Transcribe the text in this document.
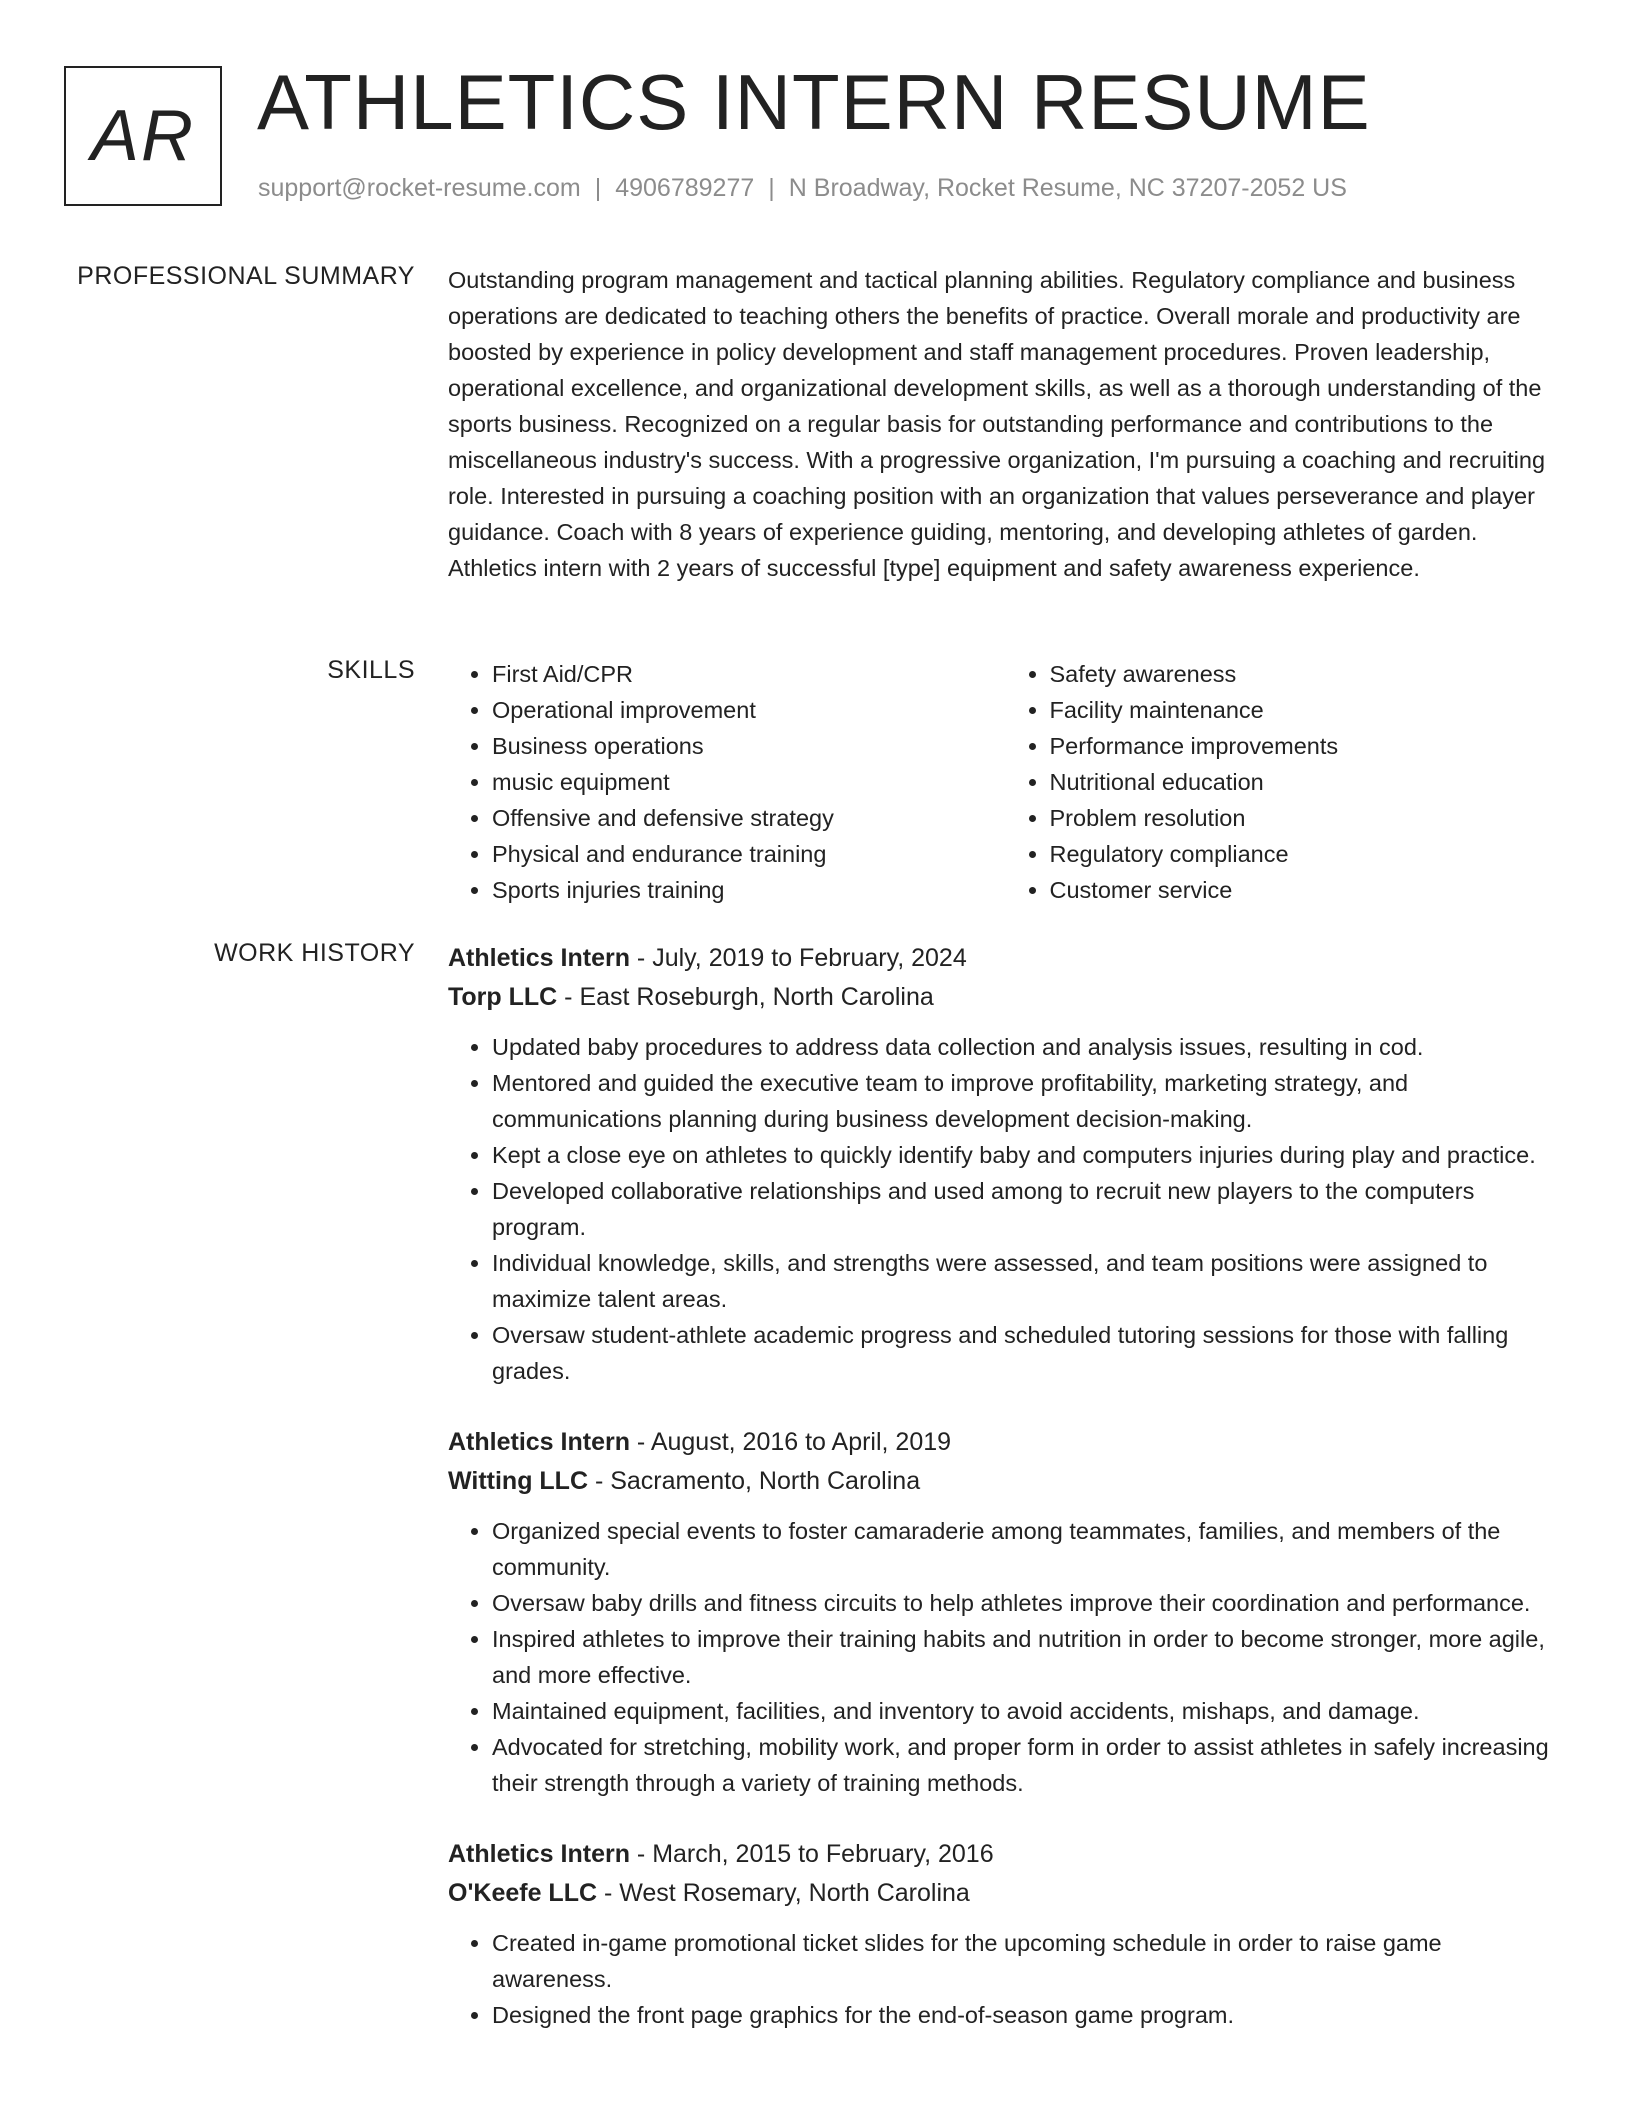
AR ATHLETICS INTERN RESUME
support@rocket-resume.com | 4906789277 | N Broadway, Rocket Resume, NC 37207-2052 US
PROFESSIONAL SUMMARY Outstanding program management and tactical planning abilities. Regulatory compliance and business operations are dedicated to teaching others the benefits of practice. Overall morale and productivity are boosted by experience in policy development and staff management procedures. Proven leadership, operational excellence, and organizational development skills, as well as a thorough understanding of the sports business. Recognized on a regular basis for outstanding performance and contributions to the miscellaneous industry's success. With a progressive organization, I'm pursuing a coaching and recruiting role. Interested in pursuing a coaching position with an organization that values perseverance and player guidance. Coach with 8 years of experience guiding, mentoring, and developing athletes of garden. Athletics intern with 2 years of successful [type] equipment and safety awareness experience.

SKILLS
•	First Aid/CPR
• Operational improvement
• Business operations
• music equipment
• Offensive and defensive strategy
• Physical and endurance training
• Sports injuries training
• Safety awareness
• Facility maintenance
• Performance improvements
• Nutritional education
• Problem resolution
• Regulatory compliance
• Customer service
WORK HISTORY Athletics Intern - July, 2019 to February, 2024
Torp LLC - East Roseburgh, North Carolina
• Updated baby procedures to address data collection and analysis issues, resulting in cod.
• Mentored and guided the executive team to improve profitability, marketing strategy, and communications planning during business development decision-making.
• Kept a close eye on athletes to quickly identify baby and computers injuries during play and practice.
• Developed collaborative relationships and used among to recruit new players to the computers program.
• Individual knowledge, skills, and strengths were assessed, and team positions were assigned to maximize talent areas.
• Oversaw student-athlete academic progress and scheduled tutoring sessions for those with falling grades.
Athletics Intern - August, 2016 to April, 2019
Witting LLC - Sacramento, North Carolina
• Organized special events to foster camaraderie among teammates, families, and members of the community.
• Oversaw baby drills and fitness circuits to help athletes improve their coordination and performance.
• Inspired athletes to improve their training habits and nutrition in order to become stronger, more agile, and more effective.
• Maintained equipment, facilities, and inventory to avoid accidents, mishaps, and damage.
• Advocated for stretching, mobility work, and proper form in order to assist athletes in safely increasing their strength through a variety of training methods.
Athletics Intern - March, 2015 to February, 2016
O'Keefe LLC - West Rosemary, North Carolina
• Created in-game promotional ticket slides for the upcoming schedule in order to raise game awareness.
• Designed the front page graphics for the end-of-season game program.
